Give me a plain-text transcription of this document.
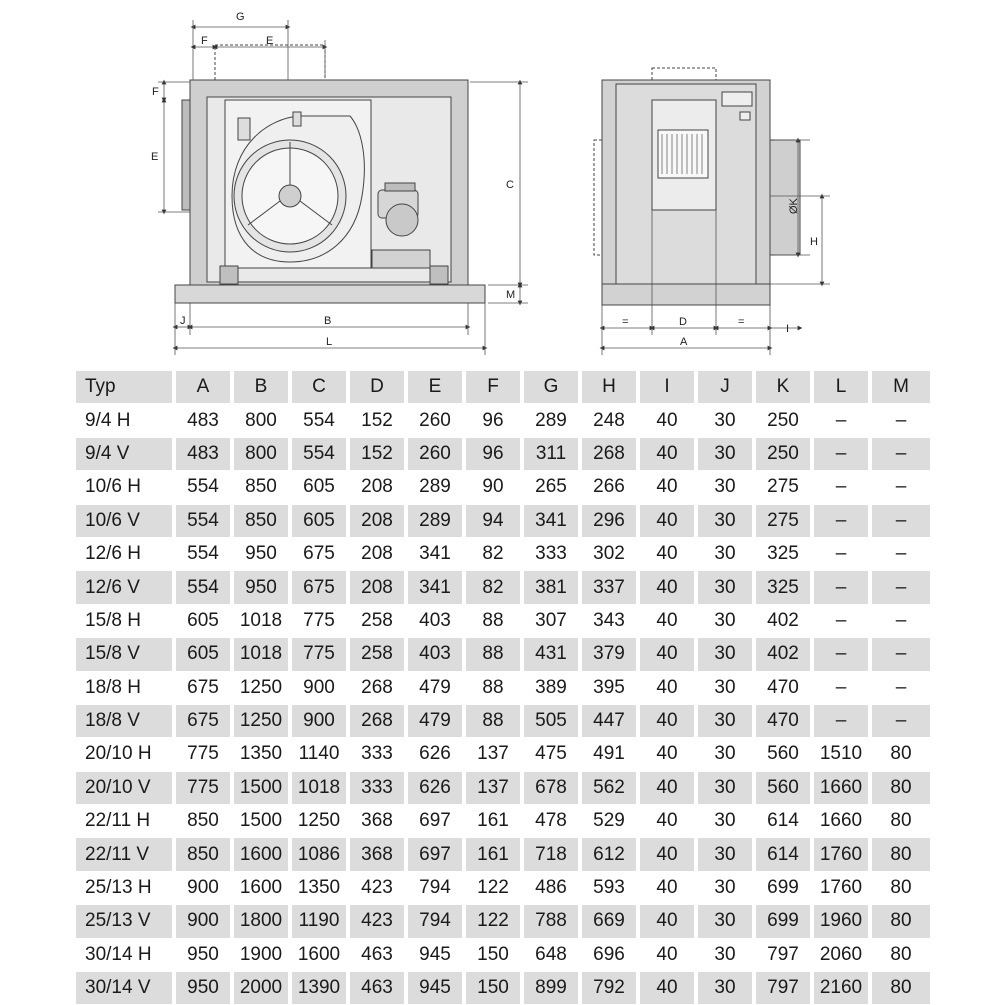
G
F	E
F
E
C
M
J	B
L
=	D	=
I
A
ØK
H
Typ	A	B	C	D	E	F	G	H	I	J	K	L	M
9/4 H	483	800	554	152	260	96	289	248	40	30	250	–	–
9/4 V	483	800	554	152	260	96	311	268	40	30	250	–	–
10/6 H	554	850	605	208	289	90	265	266	40	30	275	–	–
10/6 V	554	850	605	208	289	94	341	296	40	30	275	–	–
12/6 H	554	950	675	208	341	82	333	302	40	30	325	–	–
12/6 V	554	950	675	208	341	82	381	337	40	30	325	–	–
15/8 H	605	1018	775	258	403	88	307	343	40	30	402	–	–
15/8 V	605	1018	775	258	403	88	431	379	40	30	402	–	–
18/8 H	675	1250	900	268	479	88	389	395	40	30	470	–	–
18/8 V	675	1250	900	268	479	88	505	447	40	30	470	–	–
20/10 H	775	1350	1140	333	626	137	475	491	40	30	560	1510	80
20/10 V	775	1500	1018	333	626	137	678	562	40	30	560	1660	80
22/11 H	850	1500	1250	368	697	161	478	529	40	30	614	1660	80
22/11 V	850	1600	1086	368	697	161	718	612	40	30	614	1760	80
25/13 H	900	1600	1350	423	794	122	486	593	40	30	699	1760	80
25/13 V	900	1800	1190	423	794	122	788	669	40	30	699	1960	80
30/14 H	950	1900	1600	463	945	150	648	696	40	30	797	2060	80
30/14 V	950	2000	1390	463	945	150	899	792	40	30	797	2160	80
